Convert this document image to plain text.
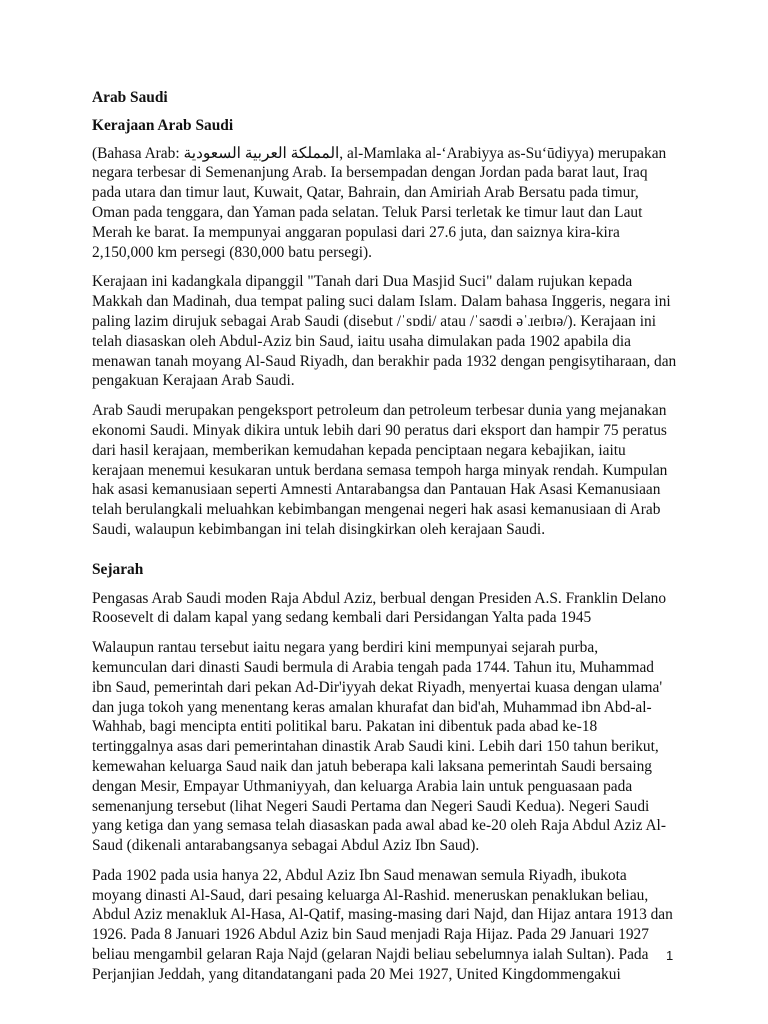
Arab Saudi
Kerajaan Arab Saudi

(Bahasa Arab: المملكة العربية السعودية, al-Mamlaka al-‘Arabiyya as-Su‘ūdiyya) merupakan negara terbesar di Semenanjung Arab. Ia bersempadan dengan Jordan pada barat laut, Iraq pada utara dan timur laut, Kuwait, Qatar, Bahrain, dan Amiriah Arab Bersatu pada timur, Oman pada tenggara, dan Yaman pada selatan. Teluk Parsi terletak ke timur laut dan Laut Merah ke barat. Ia mempunyai anggaran populasi dari 27.6 juta, dan saiznya kira-kira 2,150,000 km persegi (830,000 batu persegi).

Kerajaan ini kadangkala dipanggil "Tanah dari Dua Masjid Suci" dalam rujukan kepada Makkah dan Madinah, dua tempat paling suci dalam Islam. Dalam bahasa Inggeris, negara ini paling lazim dirujuk sebagai Arab Saudi (disebut /ˈsɒdi/ atau /ˈsaʊdi əˈɹeɪbɪə/). Kerajaan ini telah diasaskan oleh Abdul-Aziz bin Saud, iaitu usaha dimulakan pada 1902 apabila dia menawan tanah moyang Al-Saud Riyadh, dan berakhir pada 1932 dengan pengisytiharaan, dan pengakuan Kerajaan Arab Saudi.

Arab Saudi merupakan pengeksport petroleum dan petroleum terbesar dunia yang mejanakan ekonomi Saudi. Minyak dikira untuk lebih dari 90 peratus dari eksport dan hampir 75 peratus dari hasil kerajaan, memberikan kemudahan kepada penciptaan negara kebajikan, iaitu kerajaan menemui kesukaran untuk berdana semasa tempoh harga minyak rendah. Kumpulan hak asasi kemanusiaan seperti Amnesti Antarabangsa dan Pantauan Hak Asasi Kemanusiaan telah berulangkali meluahkan kebimbangan mengenai negeri hak asasi kemanusiaan di Arab Saudi, walaupun kebimbangan ini telah disingkirkan oleh kerajaan Saudi.

Sejarah

Pengasas Arab Saudi moden Raja Abdul Aziz, berbual dengan Presiden A.S. Franklin Delano Roosevelt di dalam kapal yang sedang kembali dari Persidangan Yalta pada 1945

Walaupun rantau tersebut iaitu negara yang berdiri kini mempunyai sejarah purba, kemunculan dari dinasti Saudi bermula di Arabia tengah pada 1744. Tahun itu, Muhammad ibn Saud, pemerintah dari pekan Ad-Dir'iyyah dekat Riyadh, menyertai kuasa dengan ulama' dan juga tokoh yang menentang keras amalan khurafat dan bid'ah, Muhammad ibn Abd-al-Wahhab, bagi mencipta entiti politikal baru. Pakatan ini dibentuk pada abad ke-18 tertinggalnya asas dari pemerintahan dinastik Arab Saudi kini. Lebih dari 150 tahun berikut, kemewahan keluarga Saud naik dan jatuh beberapa kali laksana pemerintah Saudi bersaing dengan Mesir, Empayar Uthmaniyyah, dan keluarga Arabia lain untuk penguasaan pada semenanjung tersebut (lihat Negeri Saudi Pertama dan Negeri Saudi Kedua). Negeri Saudi yang ketiga dan yang semasa telah diasaskan pada awal abad ke-20 oleh Raja Abdul Aziz Al-Saud (dikenali antarabangsanya sebagai Abdul Aziz Ibn Saud).

Pada 1902 pada usia hanya 22, Abdul Aziz Ibn Saud menawan semula Riyadh, ibukota moyang dinasti Al-Saud, dari pesaing keluarga Al-Rashid. meneruskan penaklukan beliau, Abdul Aziz menakluk Al-Hasa, Al-Qatif, masing-masing dari Najd, dan Hijaz antara 1913 dan 1926. Pada 8 Januari 1926 Abdul Aziz bin Saud menjadi Raja Hijaz. Pada 29 Januari 1927 beliau mengambil gelaran Raja Najd (gelaran Najdi beliau sebelumnya ialah Sultan). Pada Perjanjian Jeddah, yang ditandatangani pada 20 Mei 1927, United Kingdommengakui

1
